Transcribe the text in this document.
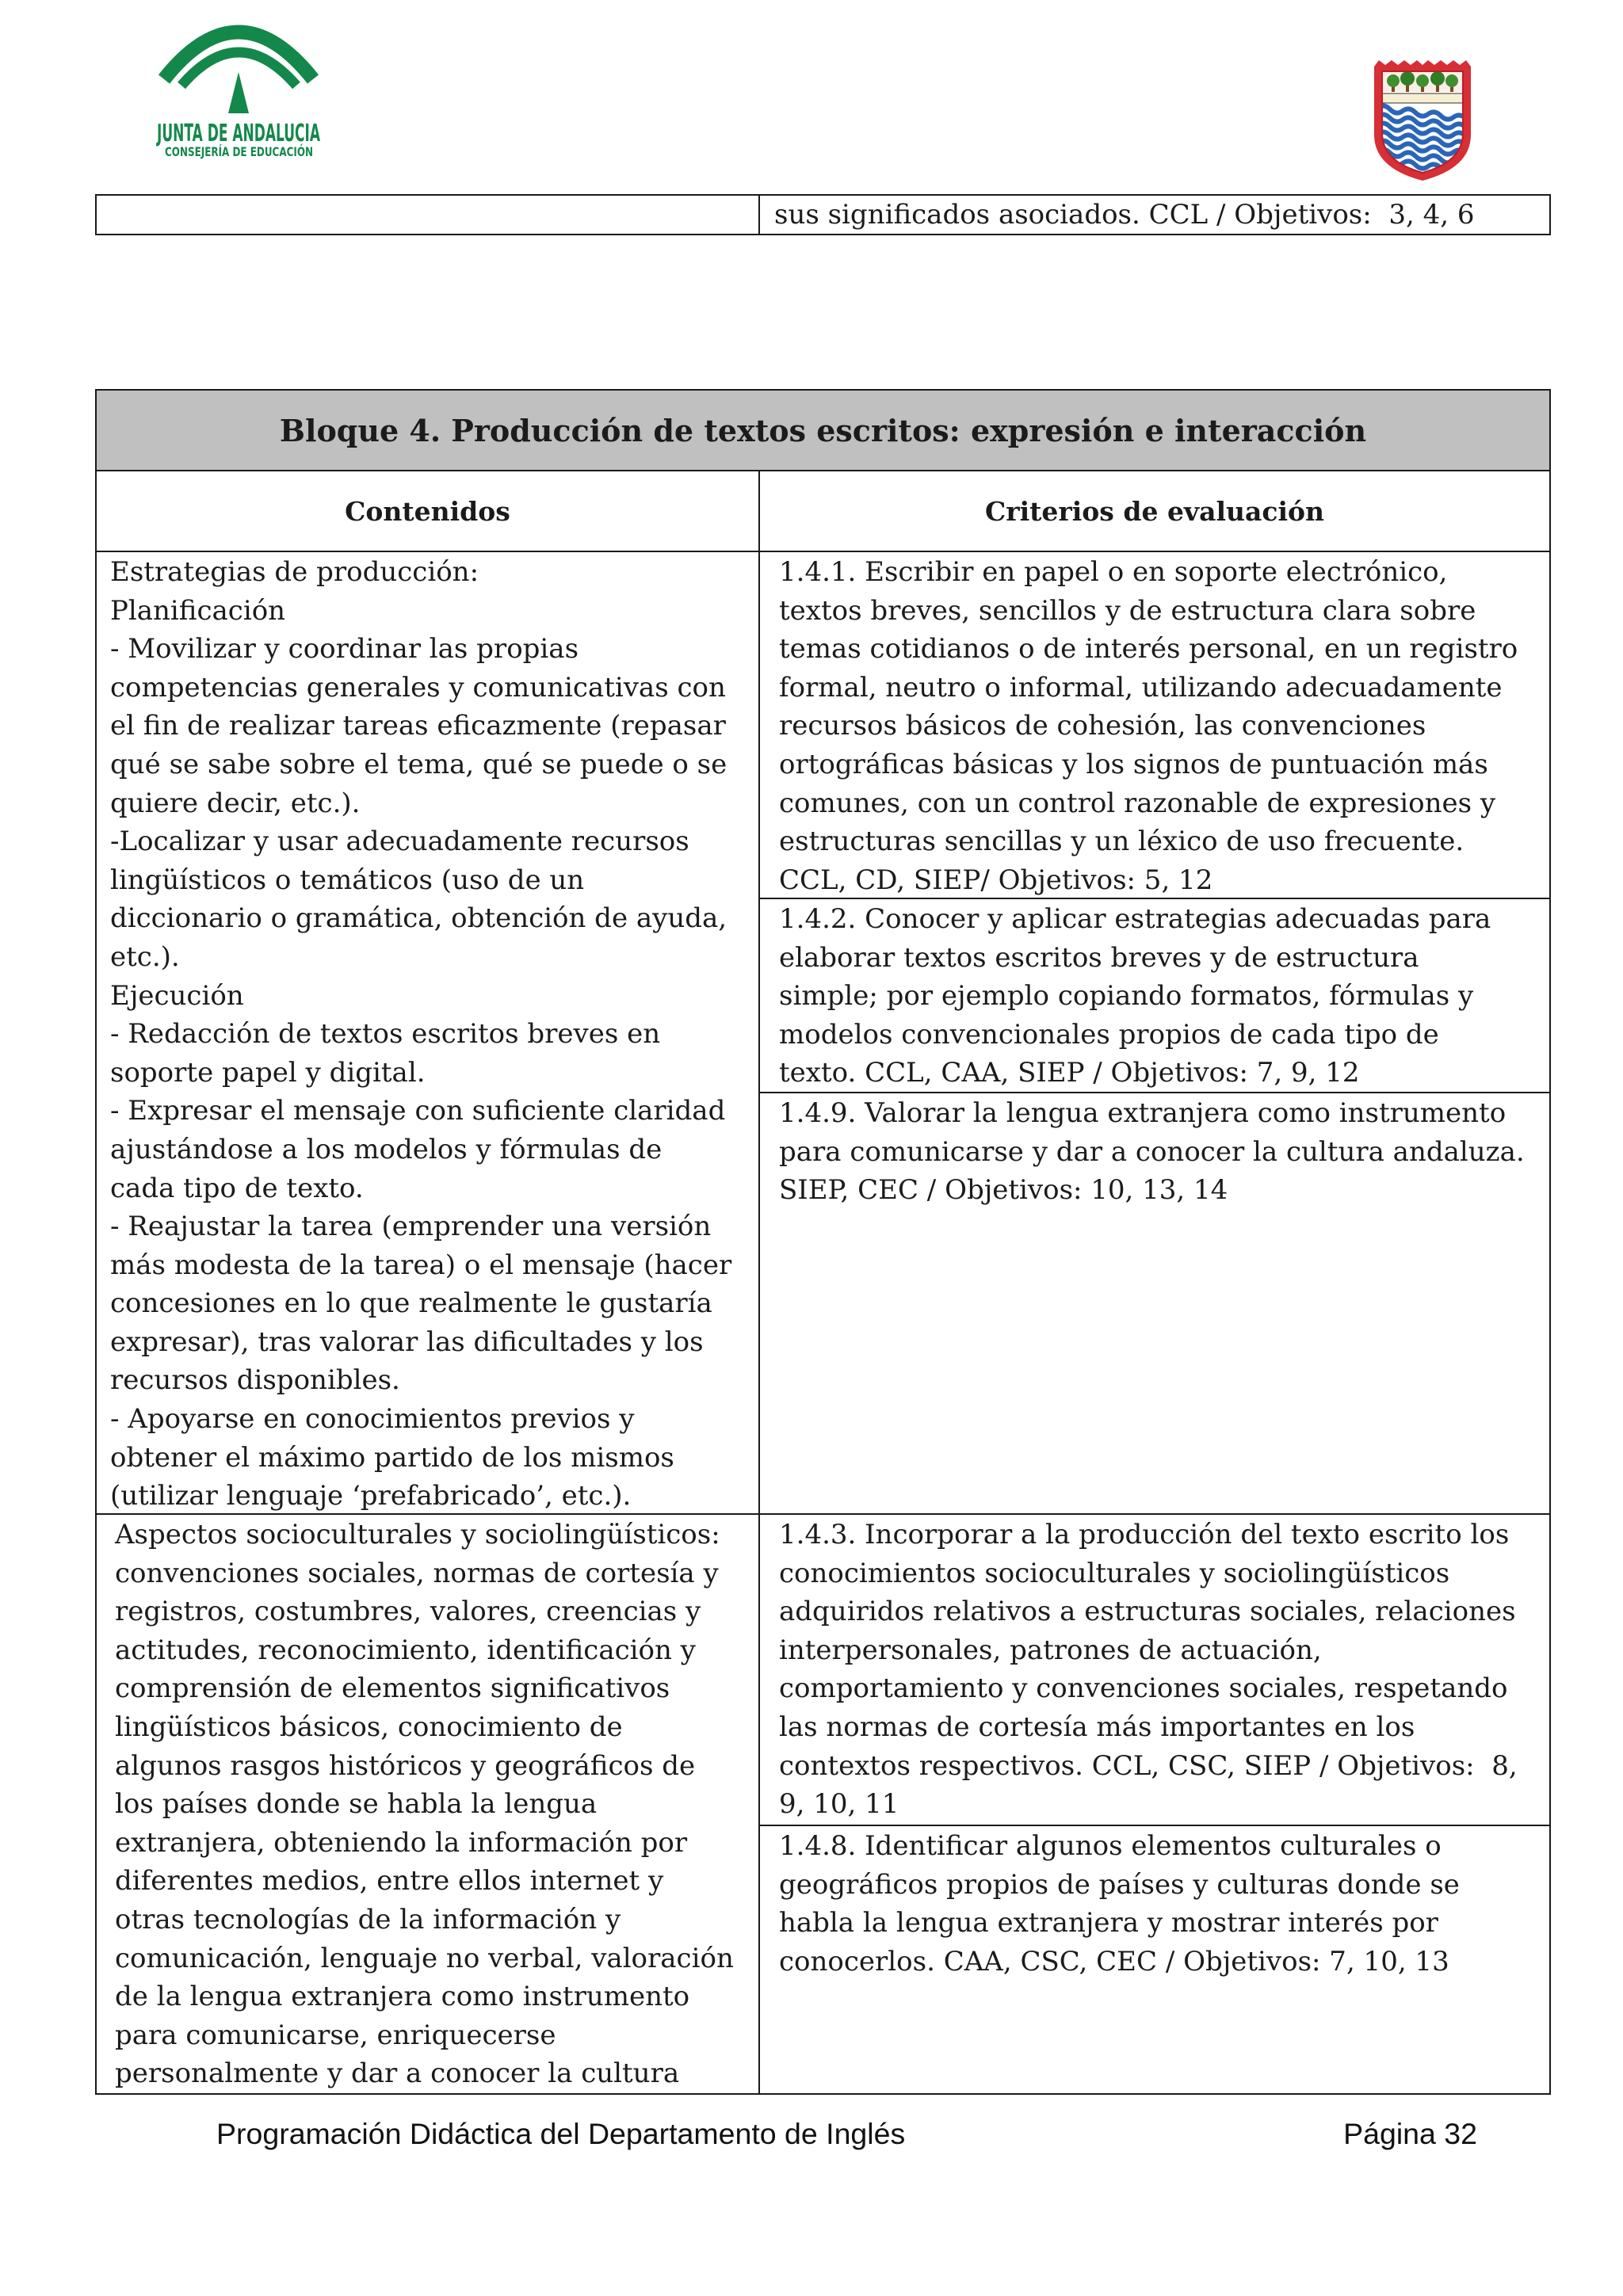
JUNTA DE ANDALUCIA
CONSEJERÍA DE EDUCACIÓN
sus significados asociados. CCL / Objetivos:  3, 4, 6
Bloque 4. Producción de textos escritos: expresión e interacción
Contenidos	Criterios de evaluación
Estrategias de producción:
Planificación
- Movilizar y coordinar las propias
competencias generales y comunicativas con
el fin de realizar tareas eficazmente (repasar
qué se sabe sobre el tema, qué se puede o se
quiere decir, etc.).
-Localizar y usar adecuadamente recursos
lingüísticos o temáticos (uso de un
diccionario o gramática, obtención de ayuda,
etc.).
Ejecución
- Redacción de textos escritos breves en
soporte papel y digital.
- Expresar el mensaje con suficiente claridad
ajustándose a los modelos y fórmulas de
cada tipo de texto.
- Reajustar la tarea (emprender una versión
más modesta de la tarea) o el mensaje (hacer
concesiones en lo que realmente le gustaría
expresar), tras valorar las dificultades y los
recursos disponibles.
- Apoyarse en conocimientos previos y
obtener el máximo partido de los mismos
(utilizar lenguaje ‘prefabricado’, etc.).
1.4.1. Escribir en papel o en soporte electrónico,
textos breves, sencillos y de estructura clara sobre
temas cotidianos o de interés personal, en un registro
formal, neutro o informal, utilizando adecuadamente
recursos básicos de cohesión, las convenciones
ortográficas básicas y los signos de puntuación más
comunes, con un control razonable de expresiones y
estructuras sencillas y un léxico de uso frecuente.
CCL, CD, SIEP/ Objetivos: 5, 12
1.4.2. Conocer y aplicar estrategias adecuadas para
elaborar textos escritos breves y de estructura
simple; por ejemplo copiando formatos, fórmulas y
modelos convencionales propios de cada tipo de
texto. CCL, CAA, SIEP / Objetivos: 7, 9, 12
1.4.9. Valorar la lengua extranjera como instrumento
para comunicarse y dar a conocer la cultura andaluza.
SIEP, CEC / Objetivos: 10, 13, 14
Aspectos socioculturales y sociolingüísticos:
convenciones sociales, normas de cortesía y
registros, costumbres, valores, creencias y
actitudes, reconocimiento, identificación y
comprensión de elementos significativos
lingüísticos básicos, conocimiento de
algunos rasgos históricos y geográficos de
los países donde se habla la lengua
extranjera, obteniendo la información por
diferentes medios, entre ellos internet y
otras tecnologías de la información y
comunicación, lenguaje no verbal, valoración
de la lengua extranjera como instrumento
para comunicarse, enriquecerse
personalmente y dar a conocer la cultura
1.4.3. Incorporar a la producción del texto escrito los
conocimientos socioculturales y sociolingüísticos
adquiridos relativos a estructuras sociales, relaciones
interpersonales, patrones de actuación,
comportamiento y convenciones sociales, respetando
las normas de cortesía más importantes en los
contextos respectivos. CCL, CSC, SIEP / Objetivos:  8,
9, 10, 11
1.4.8. Identificar algunos elementos culturales o
geográficos propios de países y culturas donde se
habla la lengua extranjera y mostrar interés por
conocerlos. CAA, CSC, CEC / Objetivos: 7, 10, 13
Programación Didáctica del Departamento de Inglés	Página 32
